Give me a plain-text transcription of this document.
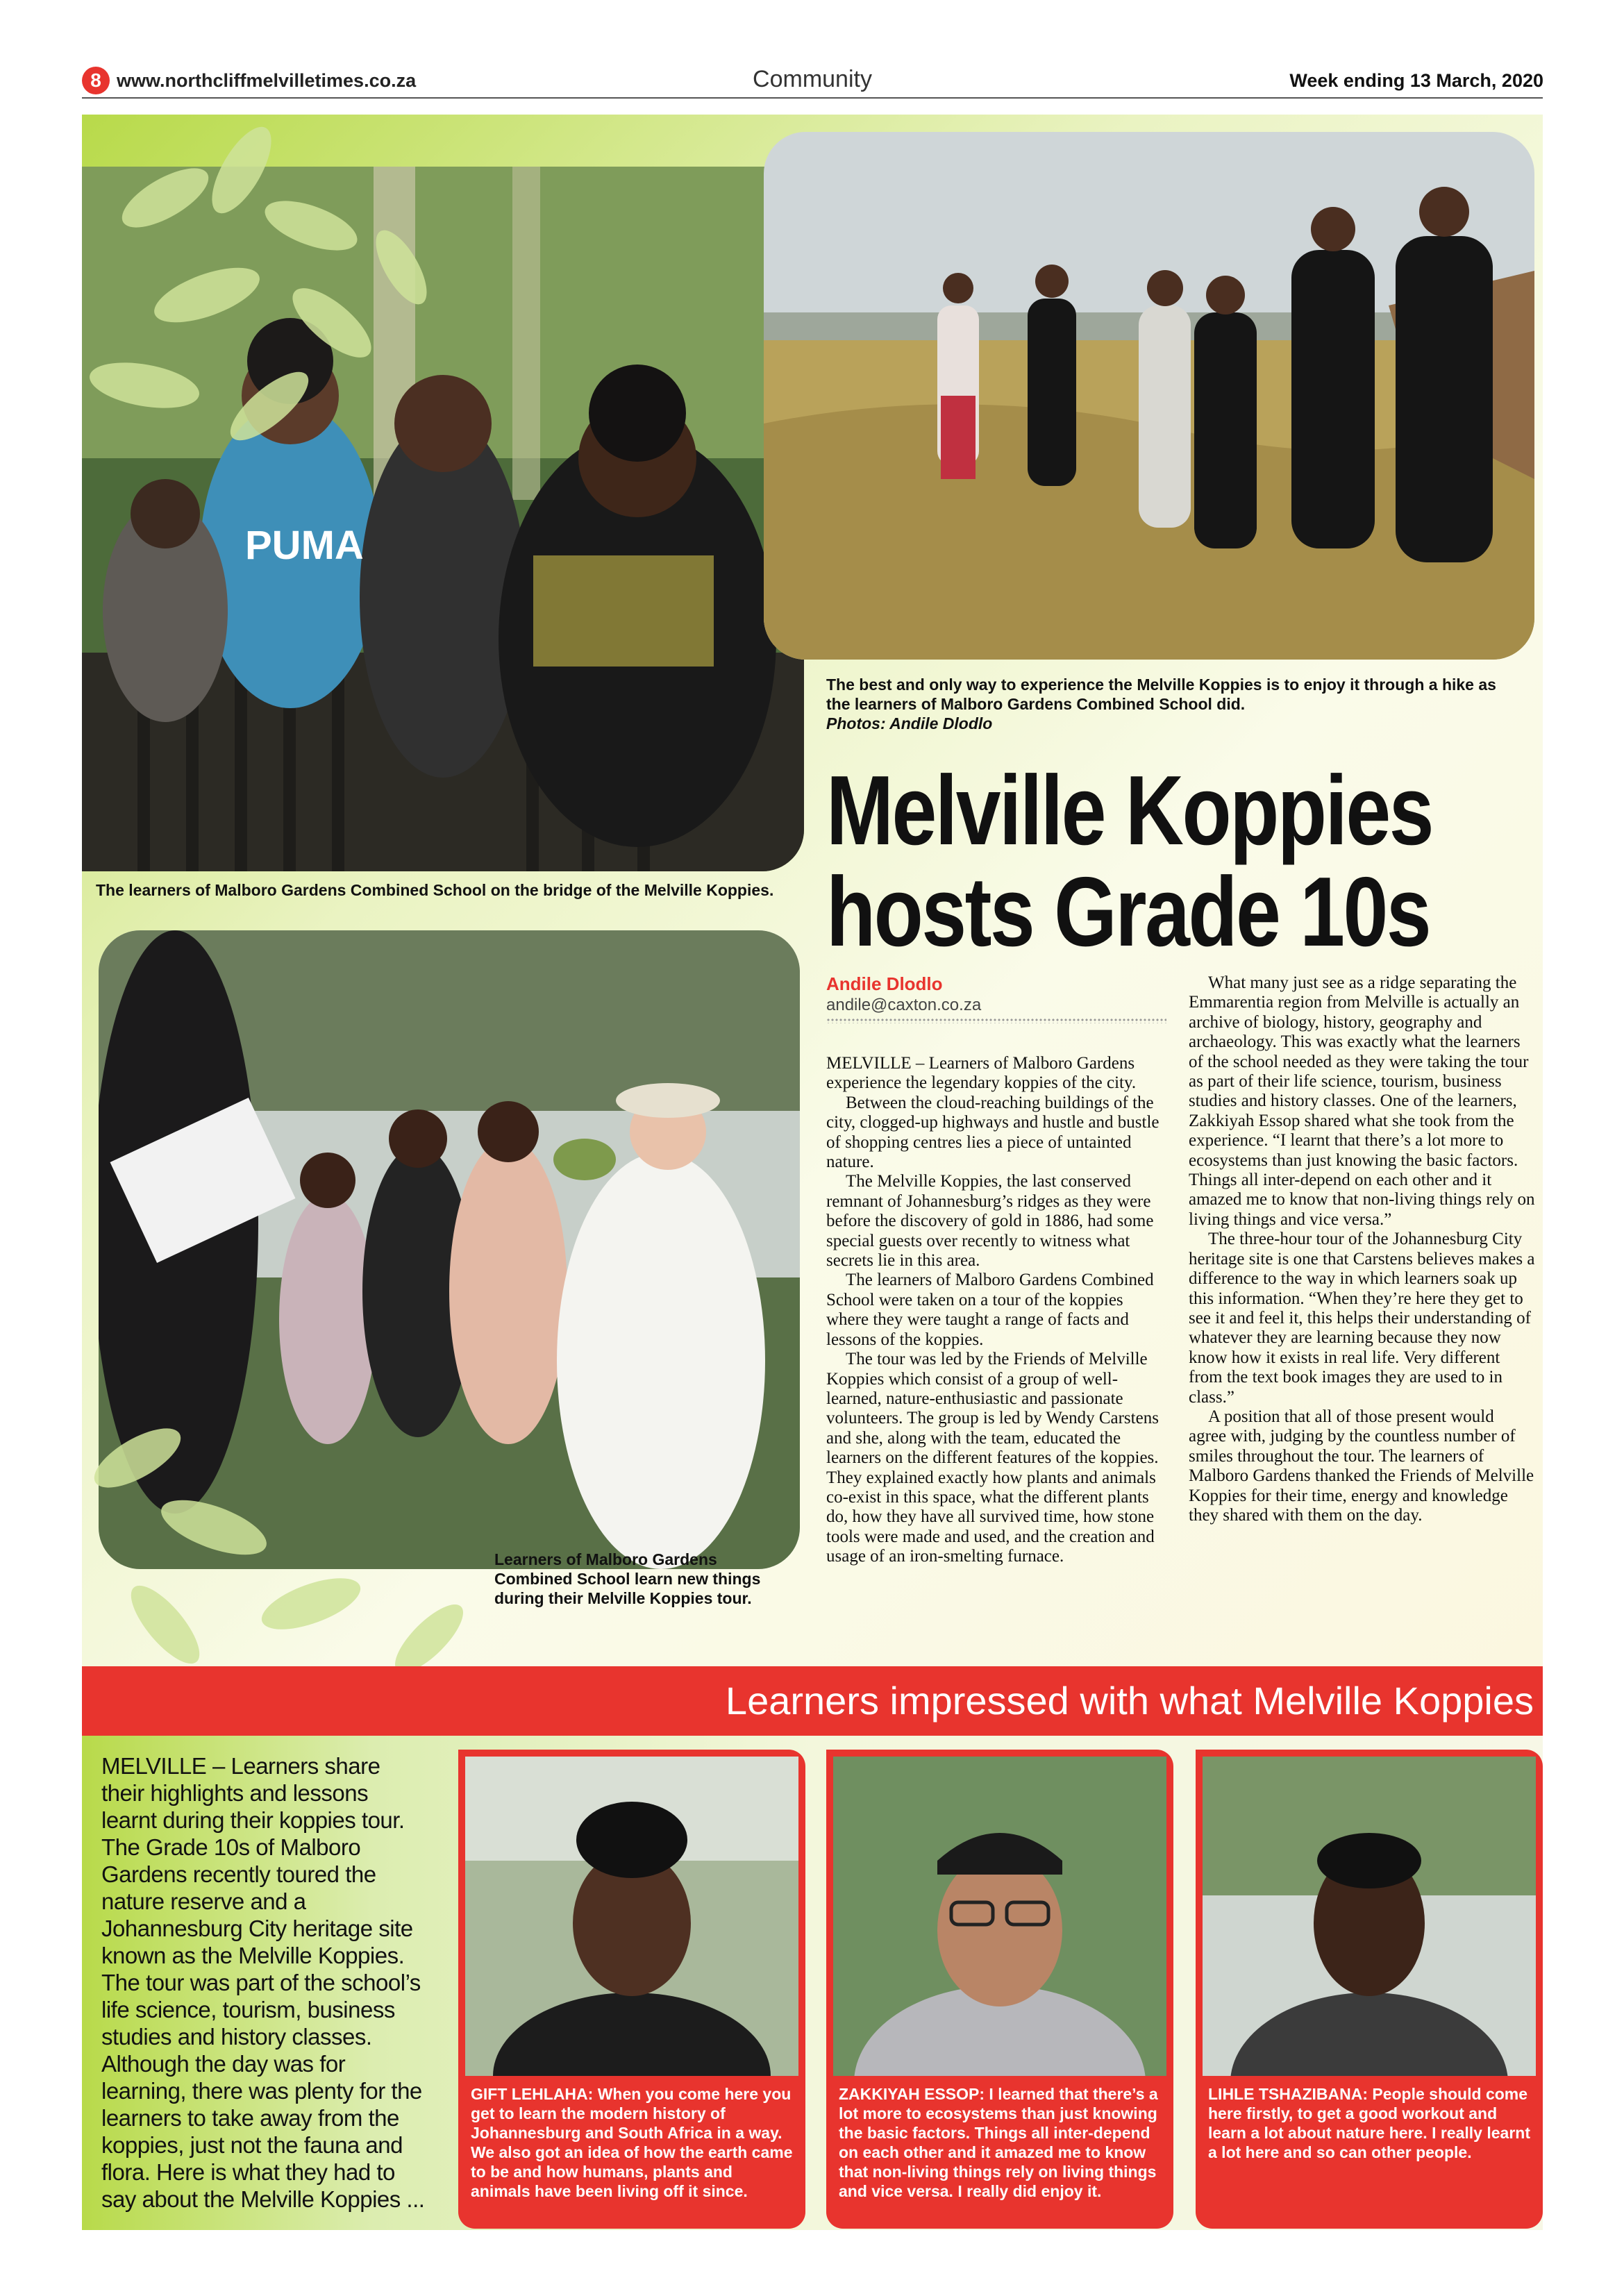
8 www.northcliffmelvilletimes.co.za	Community	Week ending 13 March, 2020
PUMA
The learners of Malboro Gardens Combined School on the bridge of the Melville Koppies.
The best and only way to experience the Melville Koppies is to enjoy it through a hike as the learners of Malboro Gardens Combined School did.
Photos: Andile Dlodlo
Melville Koppies
hosts Grade 10s
Learners of Malboro Gardens Combined School learn new things during their Melville Koppies tour.
Andile Dlodlo
andile@caxton.co.za

MELVILLE – Learners of Malboro Gardens experience the legendary koppies of the city.

Between the cloud-reaching buildings of the city, clogged-up highways and hustle and bustle of shopping centres lies a piece of untainted nature.

The Melville Koppies, the last conserved remnant of Johannesburg’s ridges as they were before the discovery of gold in 1886, had some special guests over recently to witness what secrets lie in this area.

The learners of Malboro Gardens Combined School were taken on a tour of the koppies where they were taught a range of facts and lessons of the koppies.

The tour was led by the Friends of Melville Koppies which consist of a group of well-learned, nature-enthusiastic and passionate volunteers. The group is led by Wendy Carstens and she, along with the team, educated the learners on the different features of the koppies. They explained exactly how plants and animals co-exist in this space, what the different plants do, how they have all survived time, how stone tools were made and used, and the creation and usage of an iron-smelting furnace.

What many just see as a ridge separating the Emmarentia region from Melville is actually an archive of biology, history, geography and archaeology. This was exactly what the learners of the school needed as they were taking the tour as part of their life science, tourism, business studies and history classes. One of the learners, Zakkiyah Essop shared what she took from the experience. “I learnt that there’s a lot more to ecosystems than just knowing the basic factors. Things all inter-depend on each other and it amazed me to know that non-living things rely on living things and vice versa.”

The three-hour tour of the Johannesburg City heritage site is one that Carstens believes makes a difference to the way in which learners soak up this information. “When they’re here they get to see it and feel it, this helps their understanding of whatever they are learning because they now know how it exists in real life. Very different from the text book images they are used to in class.”

A position that all of those present would agree with, judging by the countless number of smiles throughout the tour. The learners of Malboro Gardens thanked the Friends of Melville Koppies for their time, energy and knowledge they shared with them on the day.

Learners impressed with what Melville Koppies
MELVILLE – Learners share their highlights and lessons learnt during their koppies tour. The Grade 10s of Malboro Gardens recently toured the nature reserve and a Johannesburg City heritage site known as the Melville Koppies. The tour was part of the school’s life science, tourism, business studies and history classes. Although the day was for learning, there was plenty for the learners to take away from the koppies, just not the fauna and flora. Here is what they had to say about the Melville Koppies ...
GIFT LEHLAHA: When you come here you get to learn the modern history of Johannesburg and South Africa in a way. We also got an idea of how the earth came to be and how humans, plants and animals have been living off it since.
ZAKKIYAH ESSOP: I learned that there’s a lot more to ecosystems than just knowing the basic factors. Things all inter-depend on each other and it amazed me to know that non-living things rely on living things and vice versa. I really did enjoy it.
LIHLE TSHAZIBANA: People should come here firstly, to get a good workout and learn a lot about nature here. I really learnt a lot here and so can other people.
